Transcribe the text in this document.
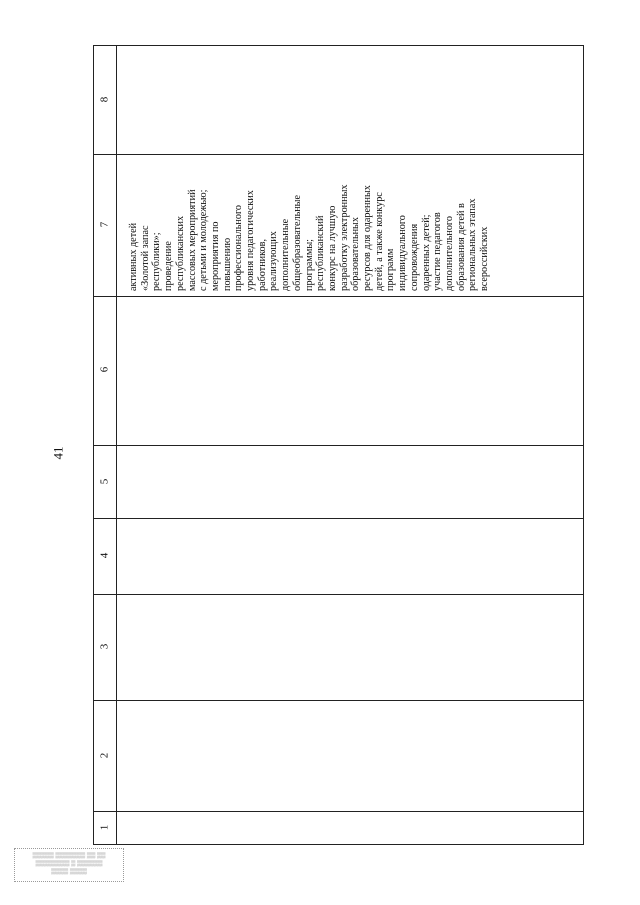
41
8
7
6
5
4
3
2
1
активных детей «Золотой запас республики»; проведение республиканских массовых мероприятий с детьми и молодежью; мероприятия по повышению профессионального уровня педагогических работников, реализующих дополнительные общеобразовательные программы; республиканский конкурс на лучшую разработку электронных образовательных ресурсов для одаренных детей, а также конкурс программ индивидуального сопровождения одаренных детей; участие педагогов дополнительного образования детей в региональных этапах всероссийских
▒▒▒▒▒ ▒▒▒▒▒▒▒ ▒▒ ▒▒
▒▒▒▒▒▒▒▒ ▒ ▒▒▒▒▒▒
▒▒▒▒ ▒▒▒▒
